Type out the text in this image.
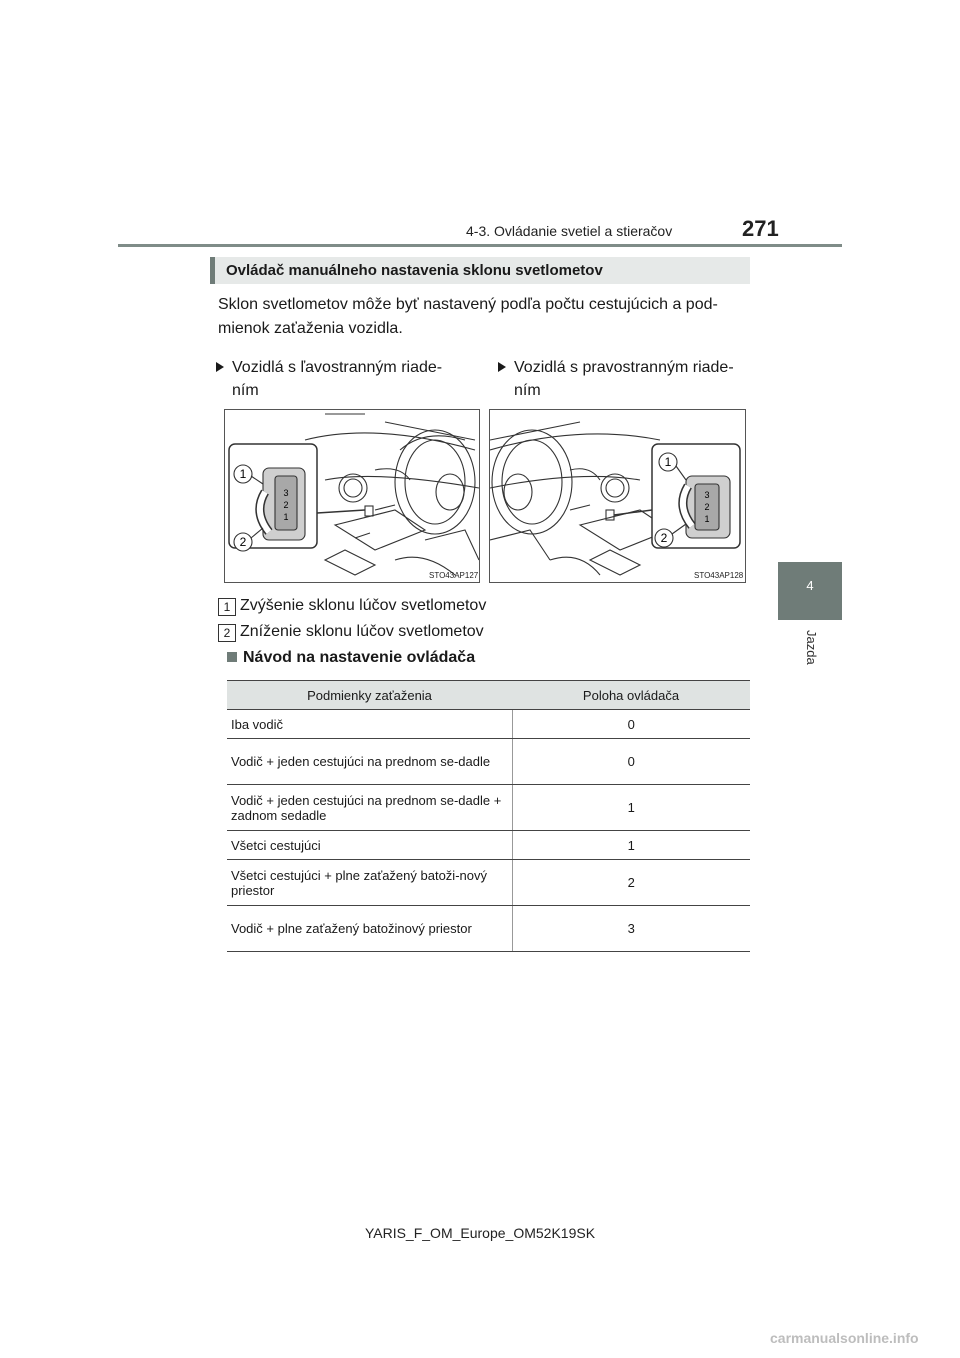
4-3. Ovládanie svetiel a stieračov	271
4
Jazda
Ovládač manuálneho nastavenia sklonu svetlometov
Sklon svetlometov môže byť nastavený podľa počtu cestujúcich a pod-mienok zaťaženia vozidla.
Vozidlá s ľavostranným riade-ním
Vozidlá s pravostranným riade-ním
1
2
3
2
1
STO43AP127
1
2
3
2
1
STO43AP128
1 Zvýšenie sklonu lúčov svetlometov
2 Zníženie sklonu lúčov svetlometov
Návod na nastavenie ovládača
Podmienky zaťaženia	Poloha ovládača
Iba vodič	0
Vodič + jeden cestujúci na prednom se-dadle	0
Vodič + jeden cestujúci na prednom se-dadle + zadnom sedadle	1
Všetci cestujúci	1
Všetci cestujúci + plne zaťažený batoži-nový priestor	2
Vodič + plne zaťažený batožinový priestor	3
YARIS_F_OM_Europe_OM52K19SK
carmanualsonline.info
